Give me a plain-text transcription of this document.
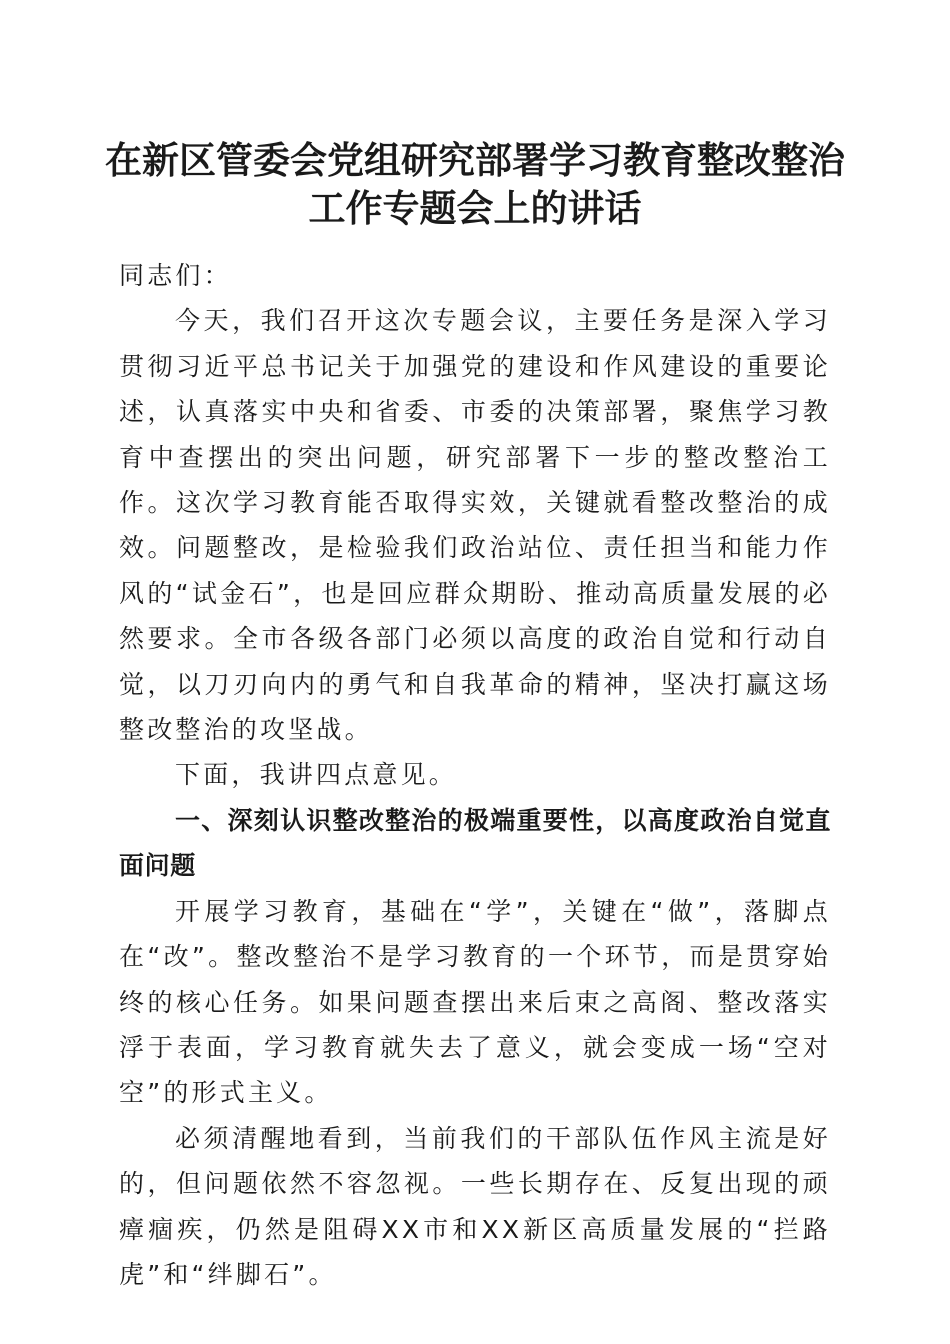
在新区管委会党组研究部署学习教育整改整治
工作专题会上的讲话

同志们：

今天，我们召开这次专题会议，主要任务是深入学习贯彻习近平总书记关于加强党的建设和作风建设的重要论述，认真落实中央和省委、市委的决策部署，聚焦学习教育中查摆出的突出问题，研究部署下一步的整改整治工作。这次学习教育能否取得实效，关键就看整改整治的成效。问题整改，是检验我们政治站位、责任担当和能力作风的“试金石”，也是回应群众期盼、推动高质量发展的必然要求。全市各级各部门必须以高度的政治自觉和行动自觉，以刀刃向内的勇气和自我革命的精神，坚决打赢这场整改整治的攻坚战。

下面，我讲四点意见。

一、深刻认识整改整治的极端重要性，以高度政治自觉直面问题

开展学习教育，基础在“学”，关键在“做”，落脚点在“改”。整改整治不是学习教育的一个环节，而是贯穿始终的核心任务。如果问题查摆出来后束之高阁、整改落实浮于表面，学习教育就失去了意义，就会变成一场“空对空”的形式主义。

必须清醒地看到，当前我们的干部队伍作风主流是好的，但问题依然不容忽视。一些长期存在、反复出现的顽瘴痼疾，仍然是阻碍XX市和XX新区高质量发展的“拦路虎”和“绊脚石”。
